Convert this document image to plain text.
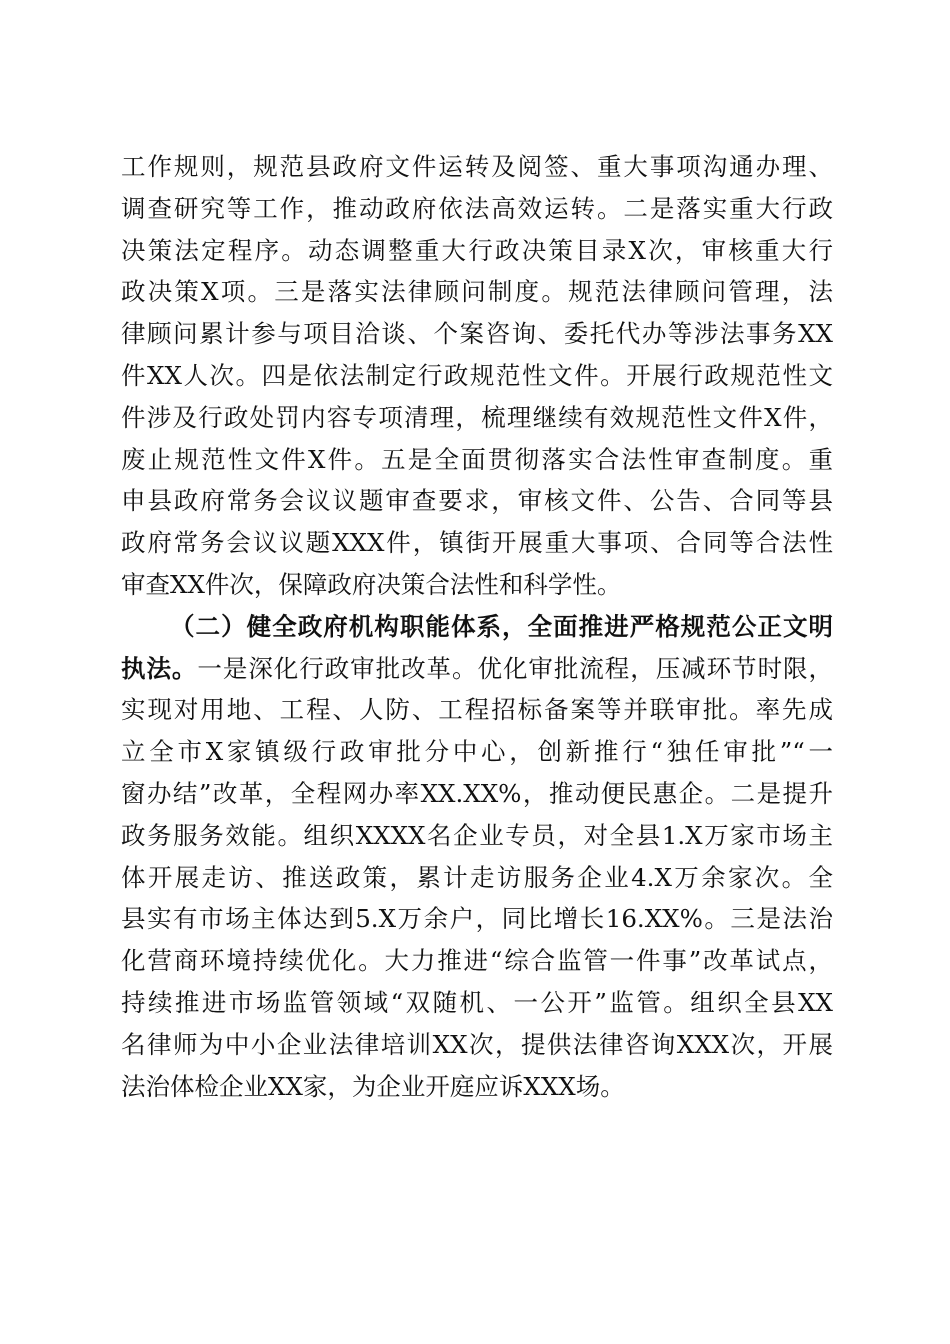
工作规则，规范县政府文件运转及阅签、重大事项沟通办理、
调查研究等工作，推动政府依法高效运转。二是落实重大行政
决策法定程序。动态调整重大行政决策目录X次，审核重大行
政决策X项。三是落实法律顾问制度。规范法律顾问管理，法
律顾问累计参与项目洽谈、个案咨询、委托代办等涉法事务XX
件XX人次。四是依法制定行政规范性文件。开展行政规范性文
件涉及行政处罚内容专项清理，梳理继续有效规范性文件X件，
废止规范性文件X件。五是全面贯彻落实合法性审查制度。重
申县政府常务会议议题审查要求，审核文件、公告、合同等县
政府常务会议议题XXX件，镇街开展重大事项、合同等合法性
审查XX件次，保障政府决策合法性和科学性。
（二）健全政府机构职能体系，全面推进严格规范公正文明
执法。一是深化行政审批改革。优化审批流程，压减环节时限，
实现对用地、工程、人防、工程招标备案等并联审批。率先成
立全市X家镇级行政审批分中心，创新推行“独任审批”“一
窗办结”改革，全程网办率XX.XX%，推动便民惠企。二是提升
政务服务效能。组织XXXX名企业专员，对全县1.X万家市场主
体开展走访、推送政策，累计走访服务企业4.X万余家次。全
县实有市场主体达到5.X万余户，同比增长16.XX%。三是法治
化营商环境持续优化。大力推进“综合监管一件事”改革试点，
持续推进市场监管领域“双随机、一公开”监管。组织全县XX
名律师为中小企业法律培训XX次，提供法律咨询XXX次，开展
法治体检企业XX家，为企业开庭应诉XXX场。
